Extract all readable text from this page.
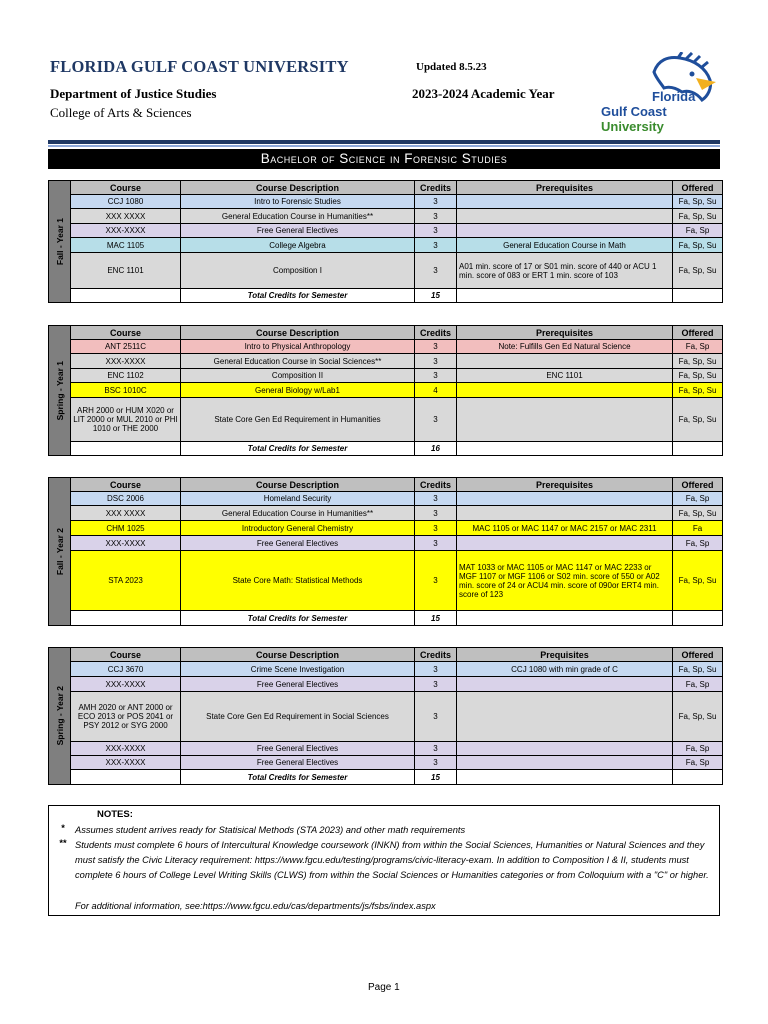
FLORIDA GULF COAST UNIVERSITY
Department of Justice Studies
College of Arts & Sciences
Updated 8.5.23
2023-2024 Academic Year	Florida
Gulf Coast
University
Bachelor of Science in Forensic Studies
Fall - Year 1	Course	Course Description	Credits	Prerequisites	Offered
	CCJ 1080	Intro to Forensic Studies	3		Fa, Sp, Su
	XXX XXXX	General Education Course in Humanities**	3		Fa, Sp, Su
	XXX-XXXX	Free General Electives	3		Fa, Sp
	MAC 1105	College Algebra	3	General Education Course in Math	Fa, Sp, Su
	ENC 1101	Composition I	3	A01 min. score of 17 or S01 min. score of 440 or ACU 1 min. score of 083 or ERT 1 min. score of 103	Fa, Sp, Su
		Total Credits for Semester	15		
Spring - Year 1	Course	Course Description	Credits	Prerequisites	Offered
	ANT 2511C	Intro to Physical Anthropology	3	Note: Fulfills Gen Ed Natural Science	Fa, Sp
	XXX-XXXX	General Education Course in Social Sciences**	3		Fa, Sp, Su
	ENC 1102	Composition II	3	ENC 1101	Fa, Sp, Su
	BSC 1010C	General Biology w/Lab1	4		Fa, Sp, Su
	ARH 2000 or HUM X020 or LIT 2000 or MUL 2010 or PHI 1010 or THE 2000	State Core Gen Ed Requirement in Humanities	3		Fa, Sp, Su
		Total Credits for Semester	16		
Fall - Year 2	Course	Course Description	Credits	Prerequisites	Offered
	DSC 2006	Homeland Security	3		Fa, Sp
	XXX XXXX	General Education Course in Humanities**	3		Fa, Sp, Su
	CHM 1025	Introductory General Chemistry	3	MAC 1105 or MAC 1147 or MAC 2157 or MAC 2311	Fa
	XXX-XXXX	Free General Electives	3		Fa, Sp
	STA 2023	State Core Math: Statistical Methods	3	MAT 1033 or MAC 1105 or MAC 1147 or MAC 2233 or MGF 1107 or MGF 1106 or S02 min. score of 550 or A02 min. score of 24 or ACU4 min. score of 090or ERT4 min. score of 123	Fa, Sp, Su
		Total Credits for Semester	15		
Spring - Year 2	Course	Course Description	Credits	Prequisites	Offered
	CCJ 3670	Crime Scene Investigation	3	CCJ 1080 with min grade of C	Fa, Sp, Su
	XXX-XXXX	Free General Electives	3		Fa, Sp
	AMH 2020 or ANT 2000 or ECO 2013 or POS 2041 or PSY 2012 or SYG 2000	State Core Gen Ed Requirement in Social Sciences	3		Fa, Sp, Su
	XXX-XXXX	Free General Electives	3		Fa, Sp
	XXX-XXXX	Free General Electives	3		Fa, Sp
		Total Credits for Semester	15		
NOTES:
*	Assumes student arrives ready for Statisical Methods (STA 2023) and other math requirements
** Students must complete 6 hours of Intercultural Knowledge coursework (INKN) from within the Social Sciences, Humanities or Natural Sciences and they must satisfy the Civic Literacy requirement: https://www.fgcu.edu/testing/programs/civic-literacy-exam. In addition to Composition I & II, students must complete 6 hours of College Level Writing Skills (CLWS) from within the Social Sciences or Humanities categories or from Colloquium with a "C" or higher.
For additional information, see:https://www.fgcu.edu/cas/departments/js/fsbs/index.aspx
Page 1
